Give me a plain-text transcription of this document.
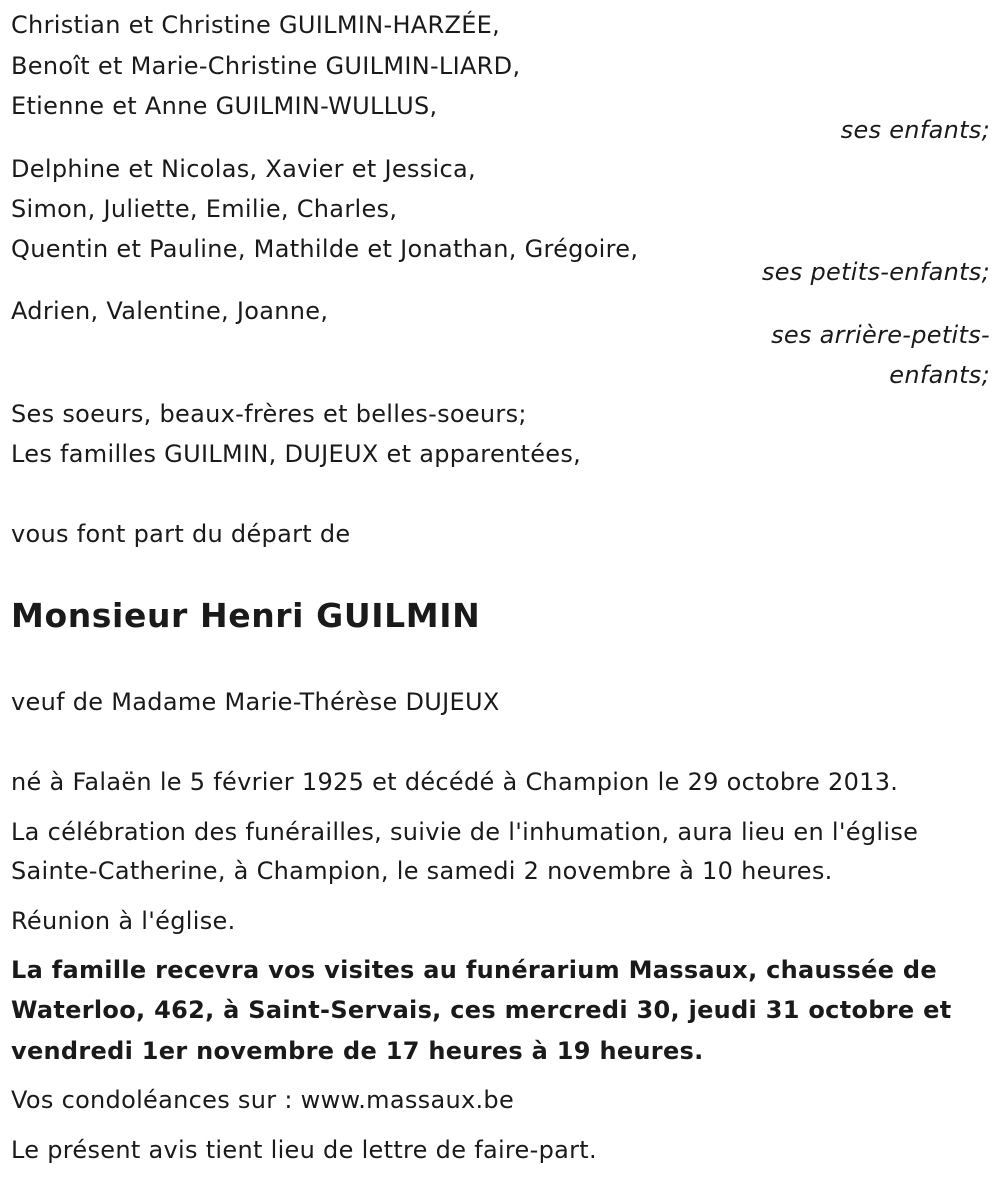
Christian et Christine GUILMIN-HARZÉE,
Benoît et Marie-Christine GUILMIN-LIARD,
Etienne et Anne GUILMIN-WULLUS,
ses enfants;
Delphine et Nicolas, Xavier et Jessica,
Simon, Juliette, Emilie, Charles,
Quentin et Pauline, Mathilde et Jonathan, Grégoire,
ses petits-enfants;
Adrien, Valentine, Joanne,
ses arrière-petits-
enfants;
Ses soeurs, beaux-frères et belles-soeurs;
Les familles GUILMIN, DUJEUX et apparentées,
vous font part du départ de
Monsieur Henri GUILMIN
veuf de Madame Marie-Thérèse DUJEUX
né à Falaën le 5 février 1925 et décédé à Champion le 29 octobre 2013.
La célébration des funérailles, suivie de l'inhumation, aura lieu en l'église
Sainte-Catherine, à Champion, le samedi 2 novembre à 10 heures.
Réunion à l'église.
La famille recevra vos visites au funérarium Massaux, chaussée de
Waterloo, 462, à Saint-Servais, ces mercredi 30, jeudi 31 octobre et
vendredi 1er novembre de 17 heures à 19 heures.
Vos condoléances sur : www.massaux.be
Le présent avis tient lieu de lettre de faire-part.
